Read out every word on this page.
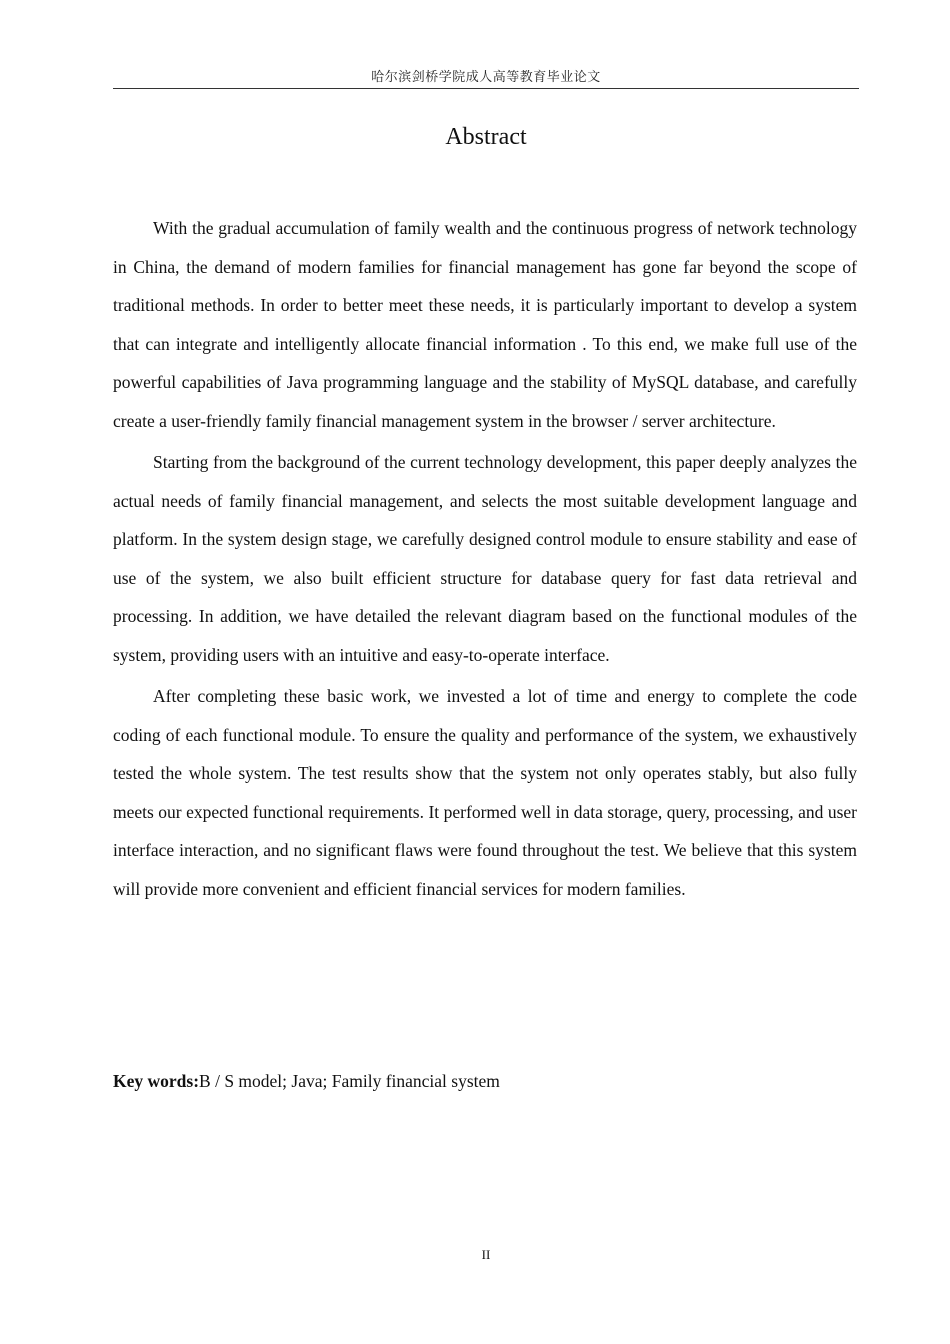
哈尔滨剑桥学院成人高等教育毕业论文
Abstract

With the gradual accumulation of family wealth and the continuous progress of network technology in China, the demand of modern families for financial management has gone far beyond the scope of traditional methods. In order to better meet these needs, it is particularly important to develop a system that can integrate and intelligently allocate financial information . To this end, we make full use of the powerful capabilities of Java programming language and the stability of MySQL database, and carefully create a user-friendly family financial management system in the browser / server architecture.

Starting from the background of the current technology development, this paper deeply analyzes the actual needs of family financial management, and selects the most suitable development language and platform. In the system design stage, we carefully designed control module to ensure stability and ease of use of the system, we also built efficient structure for database query for fast data retrieval and processing. In addition, we have detailed the relevant diagram based on the functional modules of the system, providing users with an intuitive and easy-to-operate interface.

After completing these basic work, we invested a lot of time and energy to complete the code coding of each functional module. To ensure the quality and performance of the system, we exhaustively tested the whole system. The test results show that the system not only operates stably, but also fully meets our expected functional requirements. It performed well in data storage, query, processing, and user interface interaction, and no significant flaws were found throughout the test. We believe that this system will provide more convenient and efficient financial services for modern families.

Key words:B / S model; Java; Family financial system
II
